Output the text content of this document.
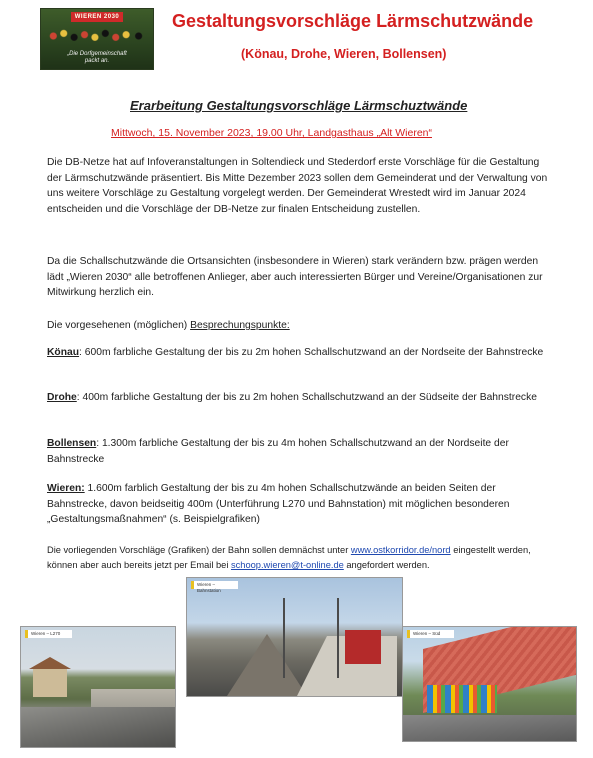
WIEREN 2030
„Die Dorfgemeinschaft
packt an.
Gestaltungsvorschläge Lärmschutzwände
(Könau, Drohe, Wieren, Bollensen)
Erarbeitung Gestaltungsvorschläge Lärmschuztwände
Mittwoch, 15. November 2023, 19.00 Uhr, Landgasthaus „Alt Wieren“

Die DB-Netze hat auf Infoveranstaltungen in Soltendieck und Stederdorf erste Vorschläge für die Gestaltung der Lärmschutzwände präsentiert. Bis Mitte Dezember 2023 sollen dem Gemeinderat und der Verwaltung von uns weitere Vorschläge zu Gestaltung vorgelegt werden. Der Gemeinderat Wrestedt wird im Januar 2024 entscheiden und die Vorschläge der DB-Netze zur finalen Entscheidung zustellen.

Da die Schallschutzwände die Ortsansichten (insbesondere in Wieren) stark verändern bzw. prägen werden lädt „Wieren 2030“ alle betroffenen Anlieger, aber auch interessierten Bürger und Vereine/Organisationen zur Mitwirkung herzlich ein.

Die vorgesehenen (möglichen) Besprechungspunkte:

Könau: 600m farbliche Gestaltung der bis zu 2m hohen Schallschutzwand an der Nordseite der Bahnstrecke

Drohe: 400m farbliche Gestaltung der bis zu 2m hohen Schallschutzwand an der Südseite der Bahnstrecke

Bollensen: 1.300m farbliche Gestaltung der bis zu 4m hohen Schallschutzwand an der Nordseite der Bahnstrecke

Wieren: 1.600m farblich Gestaltung der bis zu 4m hohen Schallschutzwände an beiden Seiten der Bahnstrecke, davon beidseitig 400m (Unterführung L270 und Bahnstation) mit möglichen besonderen „Gestaltungsmaßnahmen“ (s. Beispielgrafiken)

Die vorliegenden Vorschläge (Grafiken) der Bahn sollen demnächst unter www.ostkorridor.de/nord eingestellt werden, können aber auch bereits jetzt per Email bei schoop.wieren@t-online.de angefordert werden.

Wieren – L270
Wieren – Bahnstation
Wieren – Süd
